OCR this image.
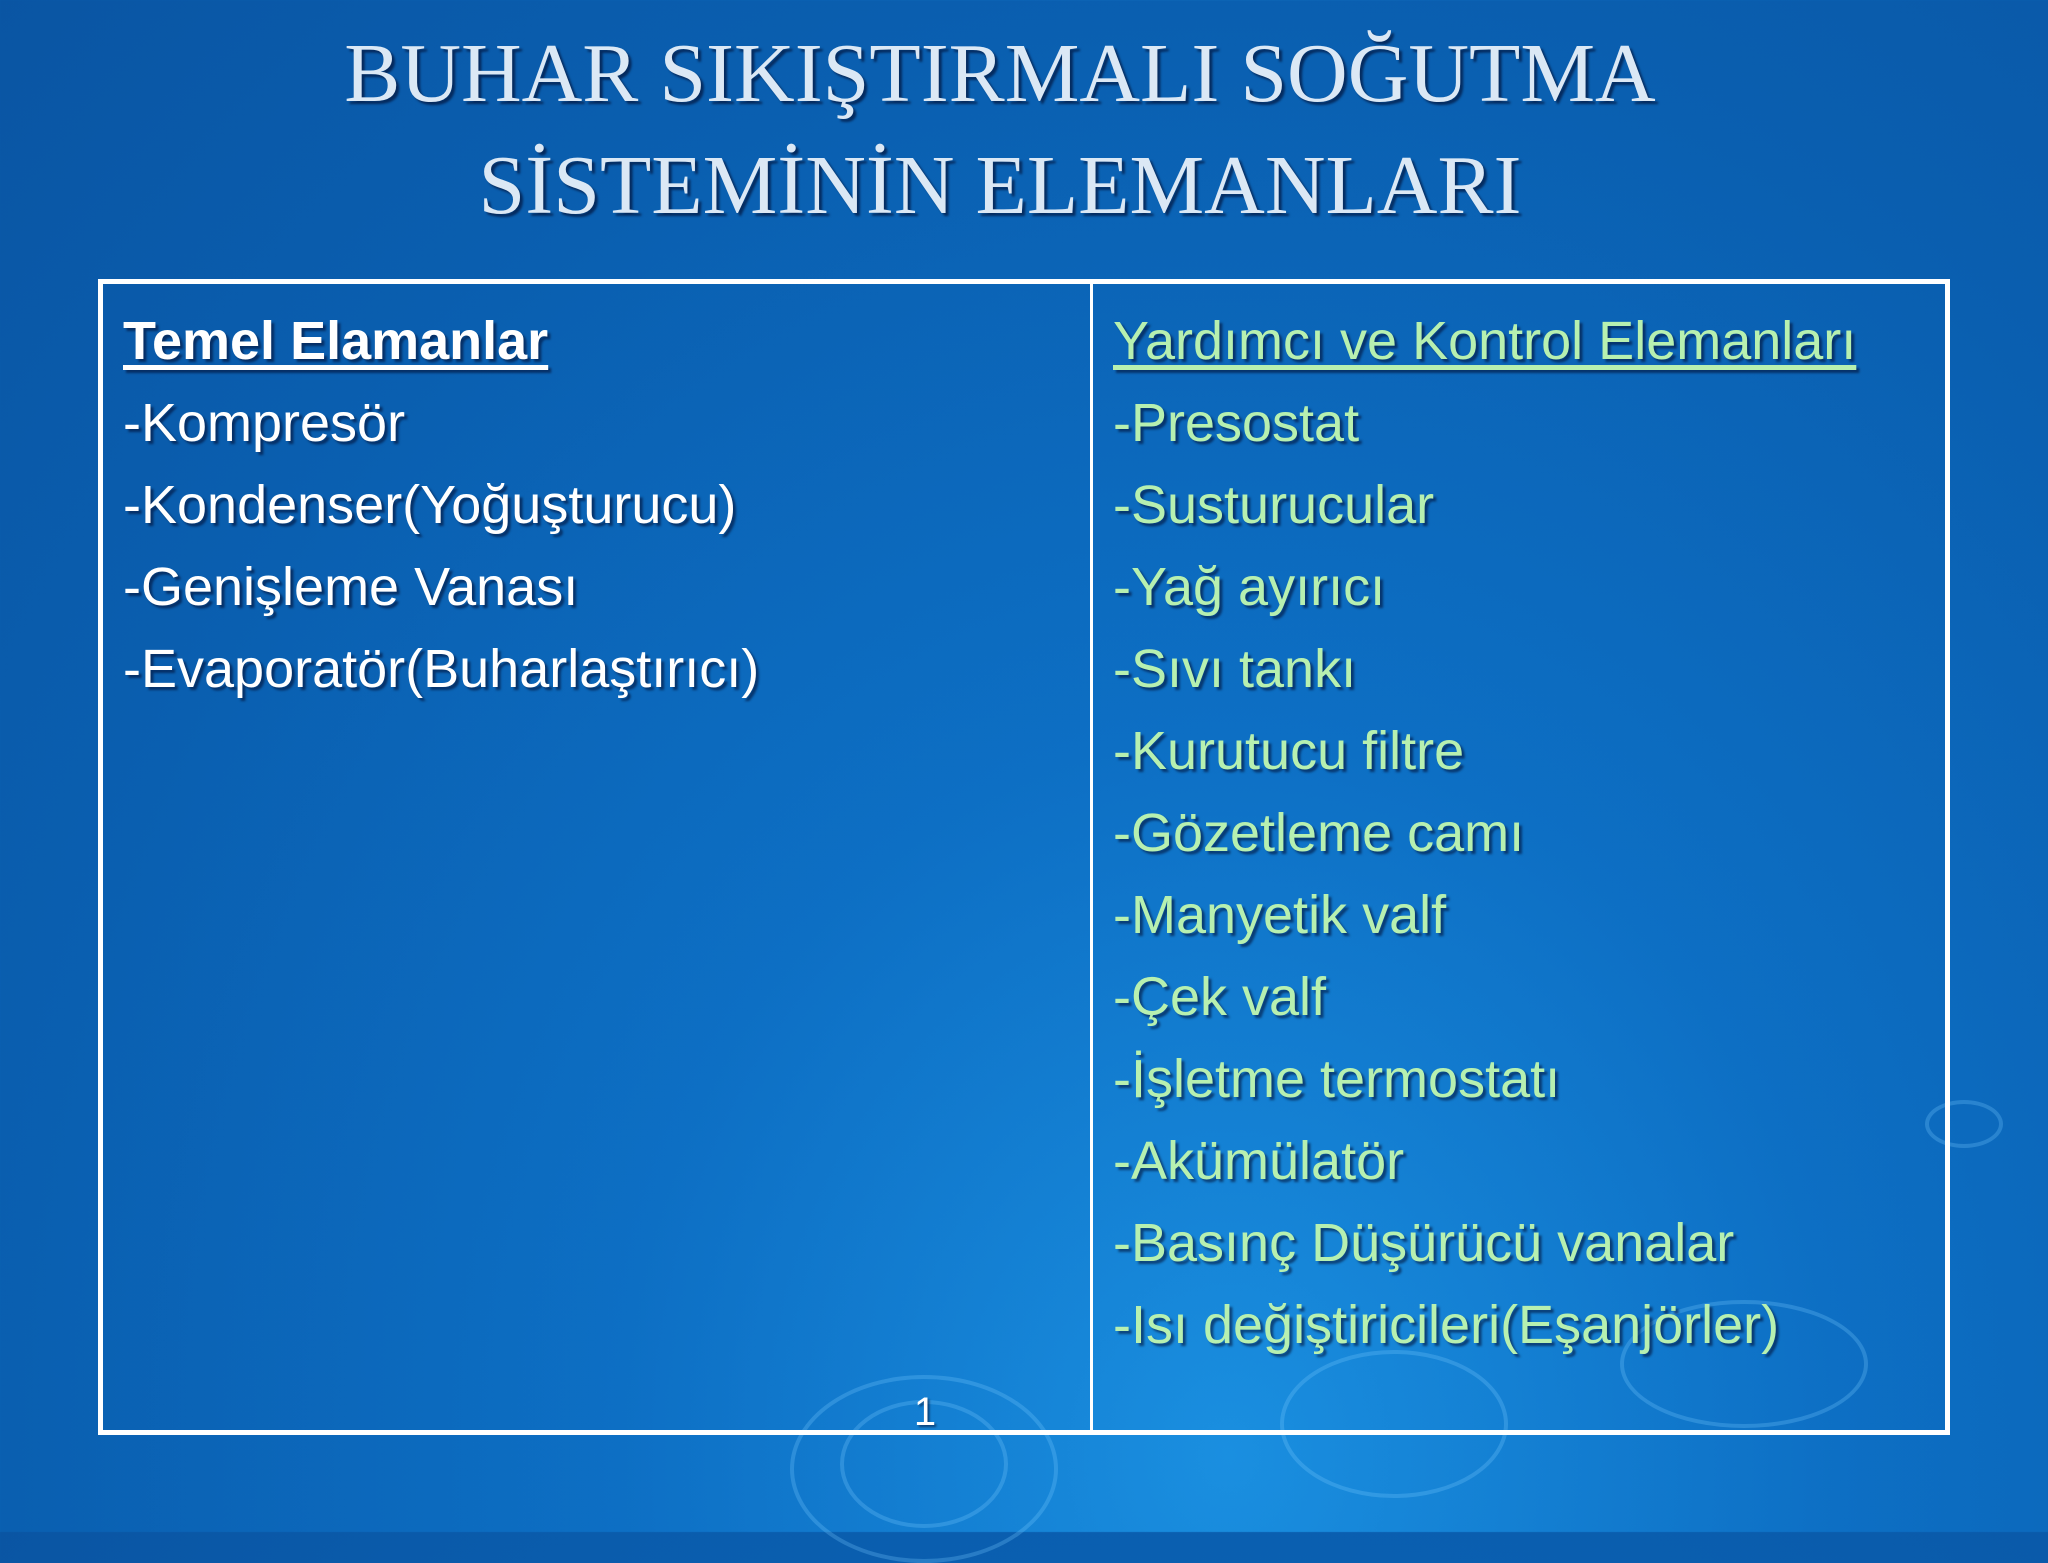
BUHAR SIKIŞTIRMALI SOĞUTMA
SİSTEMİNİN ELEMANLARI
Temel Elamanlar
-Kompresör
-Kondenser(Yoğuşturucu)
-Genişleme Vanası
-Evaporatör(Buharlaştırıcı)
Yardımcı ve Kontrol Elemanları
-Presostat
-Susturucular
-Yağ ayırıcı
-Sıvı tankı
-Kurutucu filtre
-Gözetleme camı
-Manyetik valf
-Çek valf
-İşletme termostatı
-Akümülatör
-Basınç Düşürücü vanalar
-Isı değiştiricileri(Eşanjörler)
1
